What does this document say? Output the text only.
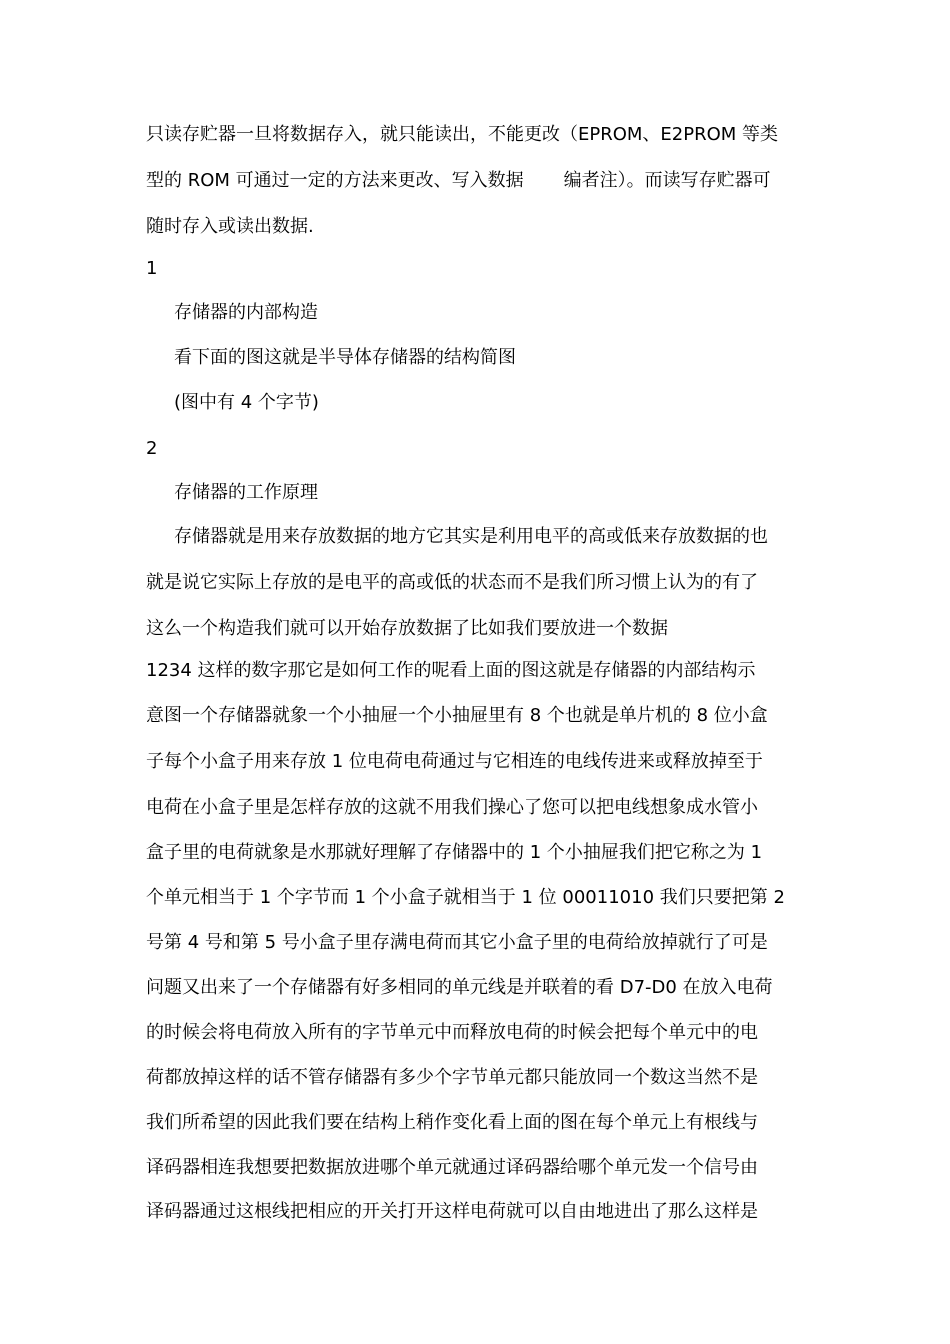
只读存贮器一旦将数据存入，就只能读出，不能更改（EPROM、E2PROM 等类
型的 ROM 可通过一定的方法来更改、写入数据 编者注）。而读写存贮器可
随时存入或读出数据.
1
存储器的内部构造
看下面的图这就是半导体存储器的结构简图
(图中有 4 个字节)
2
存储器的工作原理
存储器就是用来存放数据的地方它其实是利用电平的高或低来存放数据的也
就是说它实际上存放的是电平的高或低的状态而不是我们所习惯上认为的有了
这么一个构造我们就可以开始存放数据了比如我们要放进一个数据
1234 这样的数字那它是如何工作的呢看上面的图这就是存储器的内部结构示
意图一个存储器就象一个小抽屉一个小抽屉里有 8 个也就是单片机的 8 位小盒
子每个小盒子用来存放 1 位电荷电荷通过与它相连的电线传进来或释放掉至于
电荷在小盒子里是怎样存放的这就不用我们操心了您可以把电线想象成水管小
盒子里的电荷就象是水那就好理解了存储器中的 1 个小抽屉我们把它称之为 1
个单元相当于 1 个字节而 1 个小盒子就相当于 1 位 00011010 我们只要把第 2
号第 4 号和第 5 号小盒子里存满电荷而其它小盒子里的电荷给放掉就行了可是
问题又出来了一个存储器有好多相同的单元线是并联着的看 D7-D0 在放入电荷
的时候会将电荷放入所有的字节单元中而释放电荷的时候会把每个单元中的电
荷都放掉这样的话不管存储器有多少个字节单元都只能放同一个数这当然不是
我们所希望的因此我们要在结构上稍作变化看上面的图在每个单元上有根线与
译码器相连我想要把数据放进哪个单元就通过译码器给哪个单元发一个信号由
译码器通过这根线把相应的开关打开这样电荷就可以自由地进出了那么这样是
